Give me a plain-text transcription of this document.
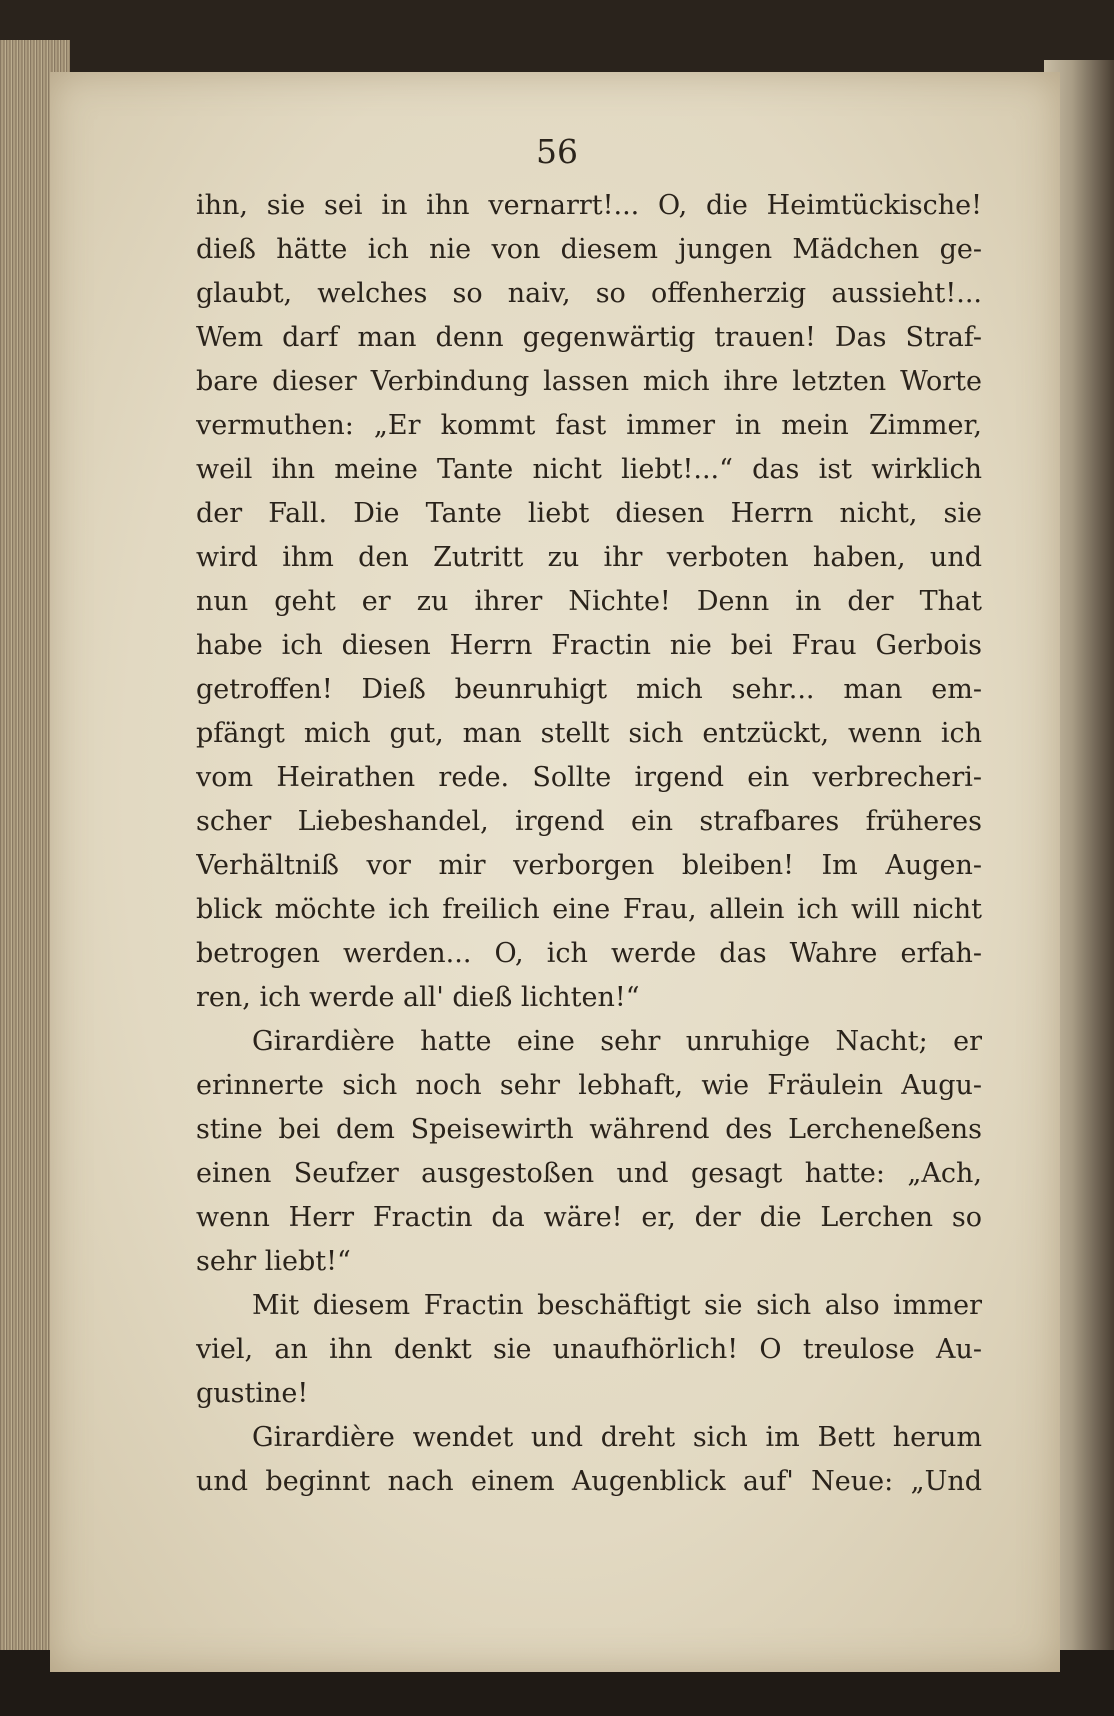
56
ihn, sie sei in ihn vernarrt!... O, die Heimtückische!
dieß hätte ich nie von diesem jungen Mädchen ge-
glaubt, welches so naiv, so offenherzig aussieht!...
Wem darf man denn gegenwärtig trauen! Das Straf-
bare dieser Verbindung lassen mich ihre letzten Worte
vermuthen: „Er kommt fast immer in mein Zimmer,
weil ihn meine Tante nicht liebt!...“ das ist wirklich
der Fall. Die Tante liebt diesen Herrn nicht, sie
wird ihm den Zutritt zu ihr verboten haben, und
nun geht er zu ihrer Nichte! Denn in der That
habe ich diesen Herrn Fractin nie bei Frau Gerbois
getroffen! Dieß beunruhigt mich sehr... man em-
pfängt mich gut, man stellt sich entzückt, wenn ich
vom Heirathen rede. Sollte irgend ein verbrecheri-
scher Liebeshandel, irgend ein strafbares früheres
Verhältniß vor mir verborgen bleiben! Im Augen-
blick möchte ich freilich eine Frau, allein ich will nicht
betrogen werden... O, ich werde das Wahre erfah-
ren, ich werde all' dieß lichten!“
Girardière hatte eine sehr unruhige Nacht; er
erinnerte sich noch sehr lebhaft, wie Fräulein Augu-
stine bei dem Speisewirth während des Lercheneßens
einen Seufzer ausgestoßen und gesagt hatte: „Ach,
wenn Herr Fractin da wäre! er, der die Lerchen so
sehr liebt!“
Mit diesem Fractin beschäftigt sie sich also immer
viel, an ihn denkt sie unaufhörlich! O treulose Au-
gustine!
Girardière wendet und dreht sich im Bett herum
und beginnt nach einem Augenblick auf' Neue: „Und
